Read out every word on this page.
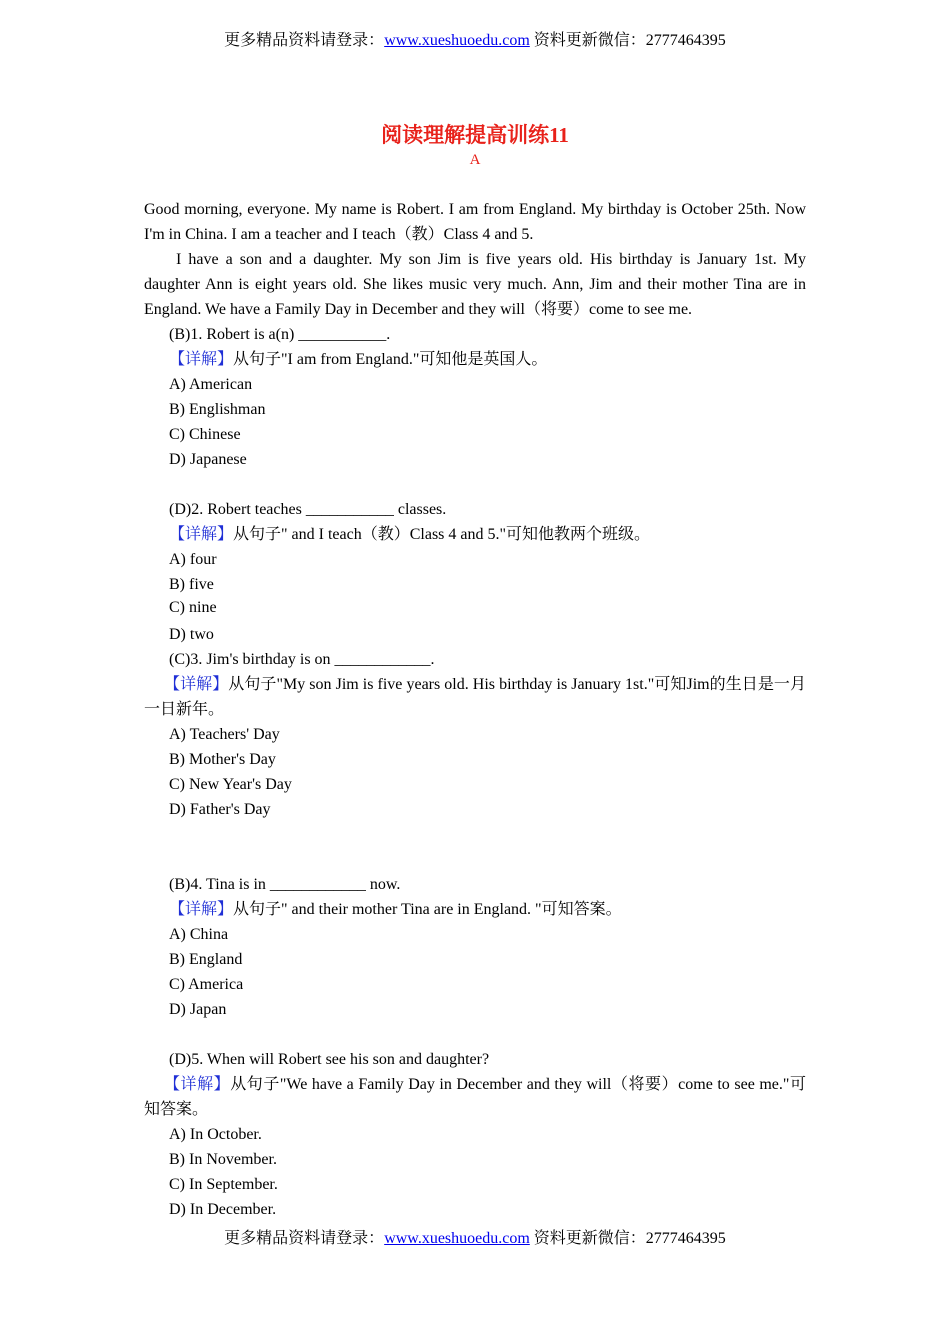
更多精品资料请登录：www.xueshuoedu.com 资料更新微信：2777464395
阅读理解提高训练11
A

Good morning, everyone. My name is Robert. I am from England. My birthday is October 25th. Now I'm in China. I am a teacher and I teach（教）Class 4 and 5.

I have a son and a daughter. My son Jim is five years old. His birthday is January 1st. My daughter Ann is eight years old. She likes music very much. Ann, Jim and their mother Tina are in England. We have a Family Day in December and they will（将要）come to see me.

(B)1. Robert is a(n) ___________.

【详解】从句子"I am from England."可知他是英国人。

A) American

B) Englishman

C) Chinese

D) Japanese

(D)2. Robert teaches ___________ classes.

【详解】从句子" and I teach（教）Class 4 and 5."可知他教两个班级。

A) four

B) five

C) nine

D) two

(C)3. Jim's birthday is on ____________.

【详解】从句子"My son Jim is five years old. His birthday is January 1st."可知Jim的生日是一月一日新年。

A) Teachers' Day

B) Mother's Day

C) New Year's Day

D) Father's Day

(B)4. Tina is in ____________ now.

【详解】从句子" and their mother Tina are in England. "可知答案。

A) China

B) England

C) America

D) Japan

(D)5. When will Robert see his son and daughter?

【详解】从句子"We have a Family Day in December and they will（将要）come to see me."可知答案。

A) In October.

B) In November.

C) In September.

D) In December.

更多精品资料请登录：www.xueshuoedu.com 资料更新微信：2777464395
